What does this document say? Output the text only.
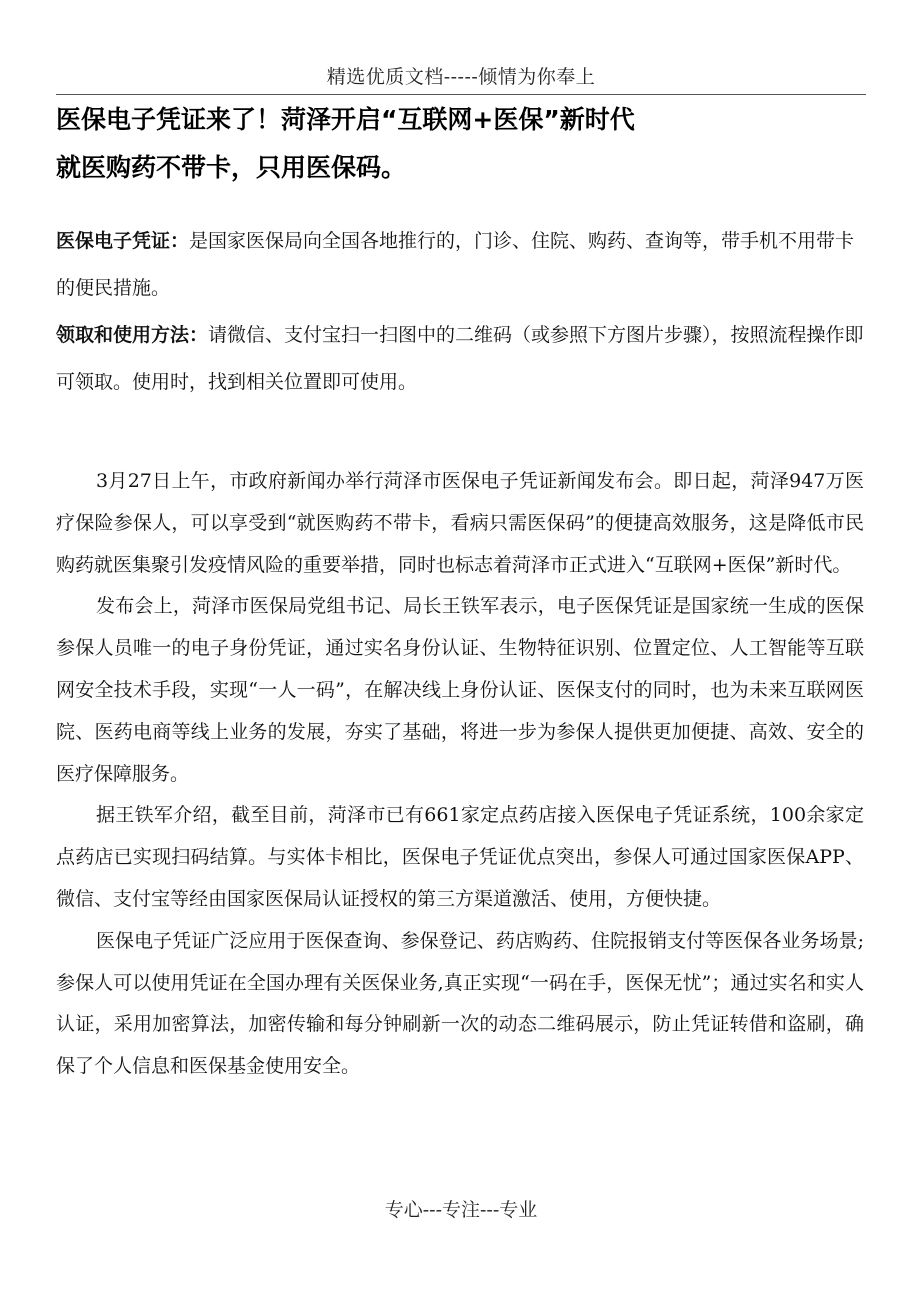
精选优质文档-----倾情为你奉上
医保电子凭证来了！菏泽开启“互联网+医保”新时代
就医购药不带卡，只用医保码。

医保电子凭证：是国家医保局向全国各地推行的，门诊、住院、购药、查询等，带手机不用带卡的便民措施。

领取和使用方法：请微信、支付宝扫一扫图中的二维码（或参照下方图片步骤），按照流程操作即可领取。使用时，找到相关位置即可使用。

3月27日上午，市政府新闻办举行菏泽市医保电子凭证新闻发布会。即日起，菏泽947万医疗保险参保人，可以享受到“就医购药不带卡，看病只需医保码”的便捷高效服务，这是降低市民购药就医集聚引发疫情风险的重要举措，同时也标志着菏泽市正式进入“互联网+医保”新时代。

发布会上，菏泽市医保局党组书记、局长王铁军表示，电子医保凭证是国家统一生成的医保参保人员唯一的电子身份凭证，通过实名身份认证、生物特征识别、位置定位、人工智能等互联网安全技术手段，实现“一人一码”，在解决线上身份认证、医保支付的同时，也为未来互联网医院、医药电商等线上业务的发展，夯实了基础，将进一步为参保人提供更加便捷、高效、安全的医疗保障服务。

据王铁军介绍，截至目前，菏泽市已有661家定点药店接入医保电子凭证系统，100余家定点药店已实现扫码结算。与实体卡相比，医保电子凭证优点突出，参保人可通过国家医保APP、微信、支付宝等经由国家医保局认证授权的第三方渠道激活、使用，方便快捷。

医保电子凭证广泛应用于医保查询、参保登记、药店购药、住院报销支付等医保各业务场景;参保人可以使用凭证在全国办理有关医保业务,真正实现“一码在手，医保无忧”；通过实名和实人认证，采用加密算法，加密传输和每分钟刷新一次的动态二维码展示，防止凭证转借和盗刷，确保了个人信息和医保基金使用安全。

专心---专注---专业
